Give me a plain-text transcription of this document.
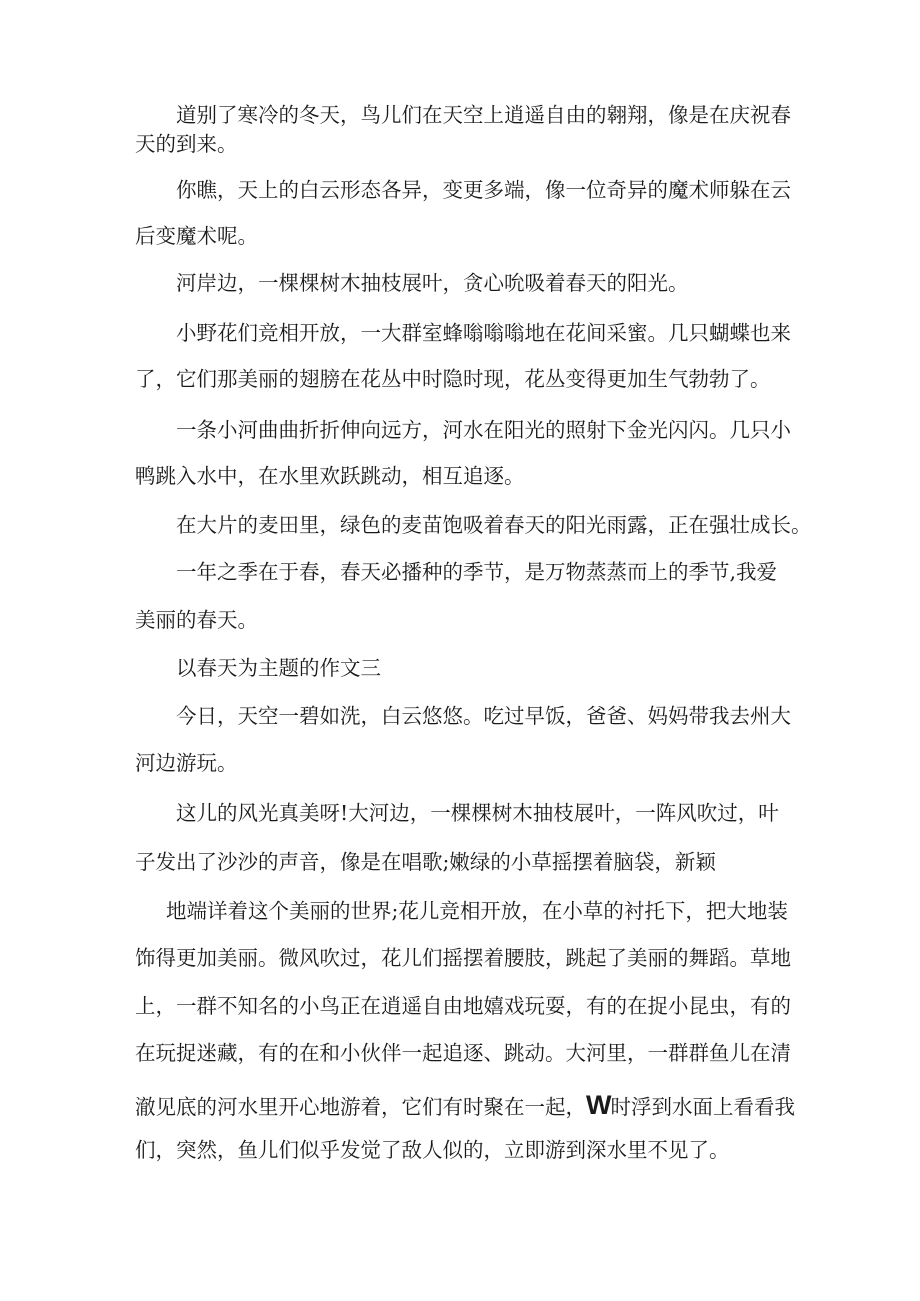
道别了寒冷的冬天，鸟儿们在天空上逍遥自由的翱翔，像是在庆祝春
天的到来。
你瞧，天上的白云形态各异，变更多端，像一位奇异的魔术师躲在云
后变魔术呢。
河岸边，一棵棵树木抽枝展叶，贪心吮吸着春天的阳光。
小野花们竞相开放，一大群室蜂嗡嗡嗡地在花间采蜜。几只蝴蝶也来
了，它们那美丽的翅膀在花丛中时隐时现，花丛变得更加生气勃勃了。
一条小河曲曲折折伸向远方，河水在阳光的照射下金光闪闪。几只小
鸭跳入水中，在水里欢跃跳动，相互追逐。
在大片的麦田里，绿色的麦苗饱吸着春天的阳光雨露，正在强壮成长。
一年之季在于春，春天必播种的季节，是万物蒸蒸而上的季节,我爱
美丽的春天。
以春天为主题的作文三
今日，天空一碧如洗，白云悠悠。吃过早饭，爸爸、妈妈带我去州大
河边游玩。
这儿的风光真美呀!大河边，一棵棵树木抽枝展叶，一阵风吹过，叶
子发出了沙沙的声音，像是在唱歌;嫩绿的小草摇摆着脑袋，新颖
地端详着这个美丽的世界;花儿竞相开放，在小草的衬托下，把大地装
饰得更加美丽。微风吹过，花儿们摇摆着腰肢，跳起了美丽的舞蹈。草地
上，一群不知名的小鸟正在逍遥自由地嬉戏玩耍，有的在捉小昆虫，有的
在玩捉迷藏，有的在和小伙伴一起追逐、跳动。大河里，一群群鱼儿在清
澈见底的河水里开心地游着，它们有时聚在一起，W时浮到水面上看看我
们，突然，鱼儿们似乎发觉了敌人似的，立即游到深水里不见了。
